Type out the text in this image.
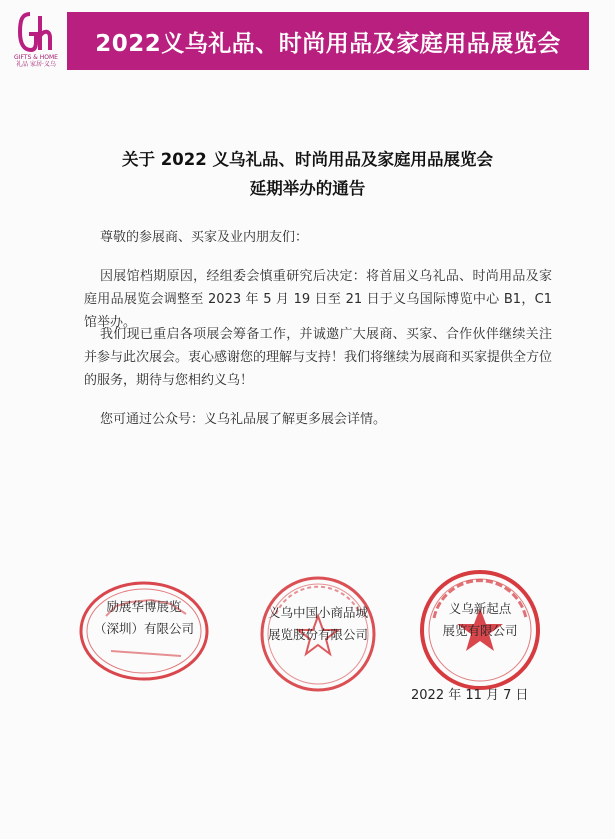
GIFTS & HOME
礼品 家居·义乌
2022义乌礼品、时尚用品及家庭用品展览会
关于 2022 义乌礼品、时尚用品及家庭用品展览会
延期举办的通告
尊敬的参展商、买家及业内朋友们：
因展馆档期原因，经组委会慎重研究后决定：将首届义乌礼品、时尚用品及家庭用品展览会调整至 2023 年 5 月 19 日至 21 日于义乌国际博览中心 B1，C1 馆举办。
我们现已重启各项展会筹备工作，并诚邀广大展商、买家、合作伙伴继续关注并参与此次展会。衷心感谢您的理解与支持！我们将继续为展商和买家提供全方位的服务，期待与您相约义乌！
您可通过公众号：义乌礼品展了解更多展会详情。
励展华博展览
（深圳）有限公司
义乌中国小商品城
展览股份有限公司
义乌新起点
展览有限公司
2022 年 11 月 7 日
